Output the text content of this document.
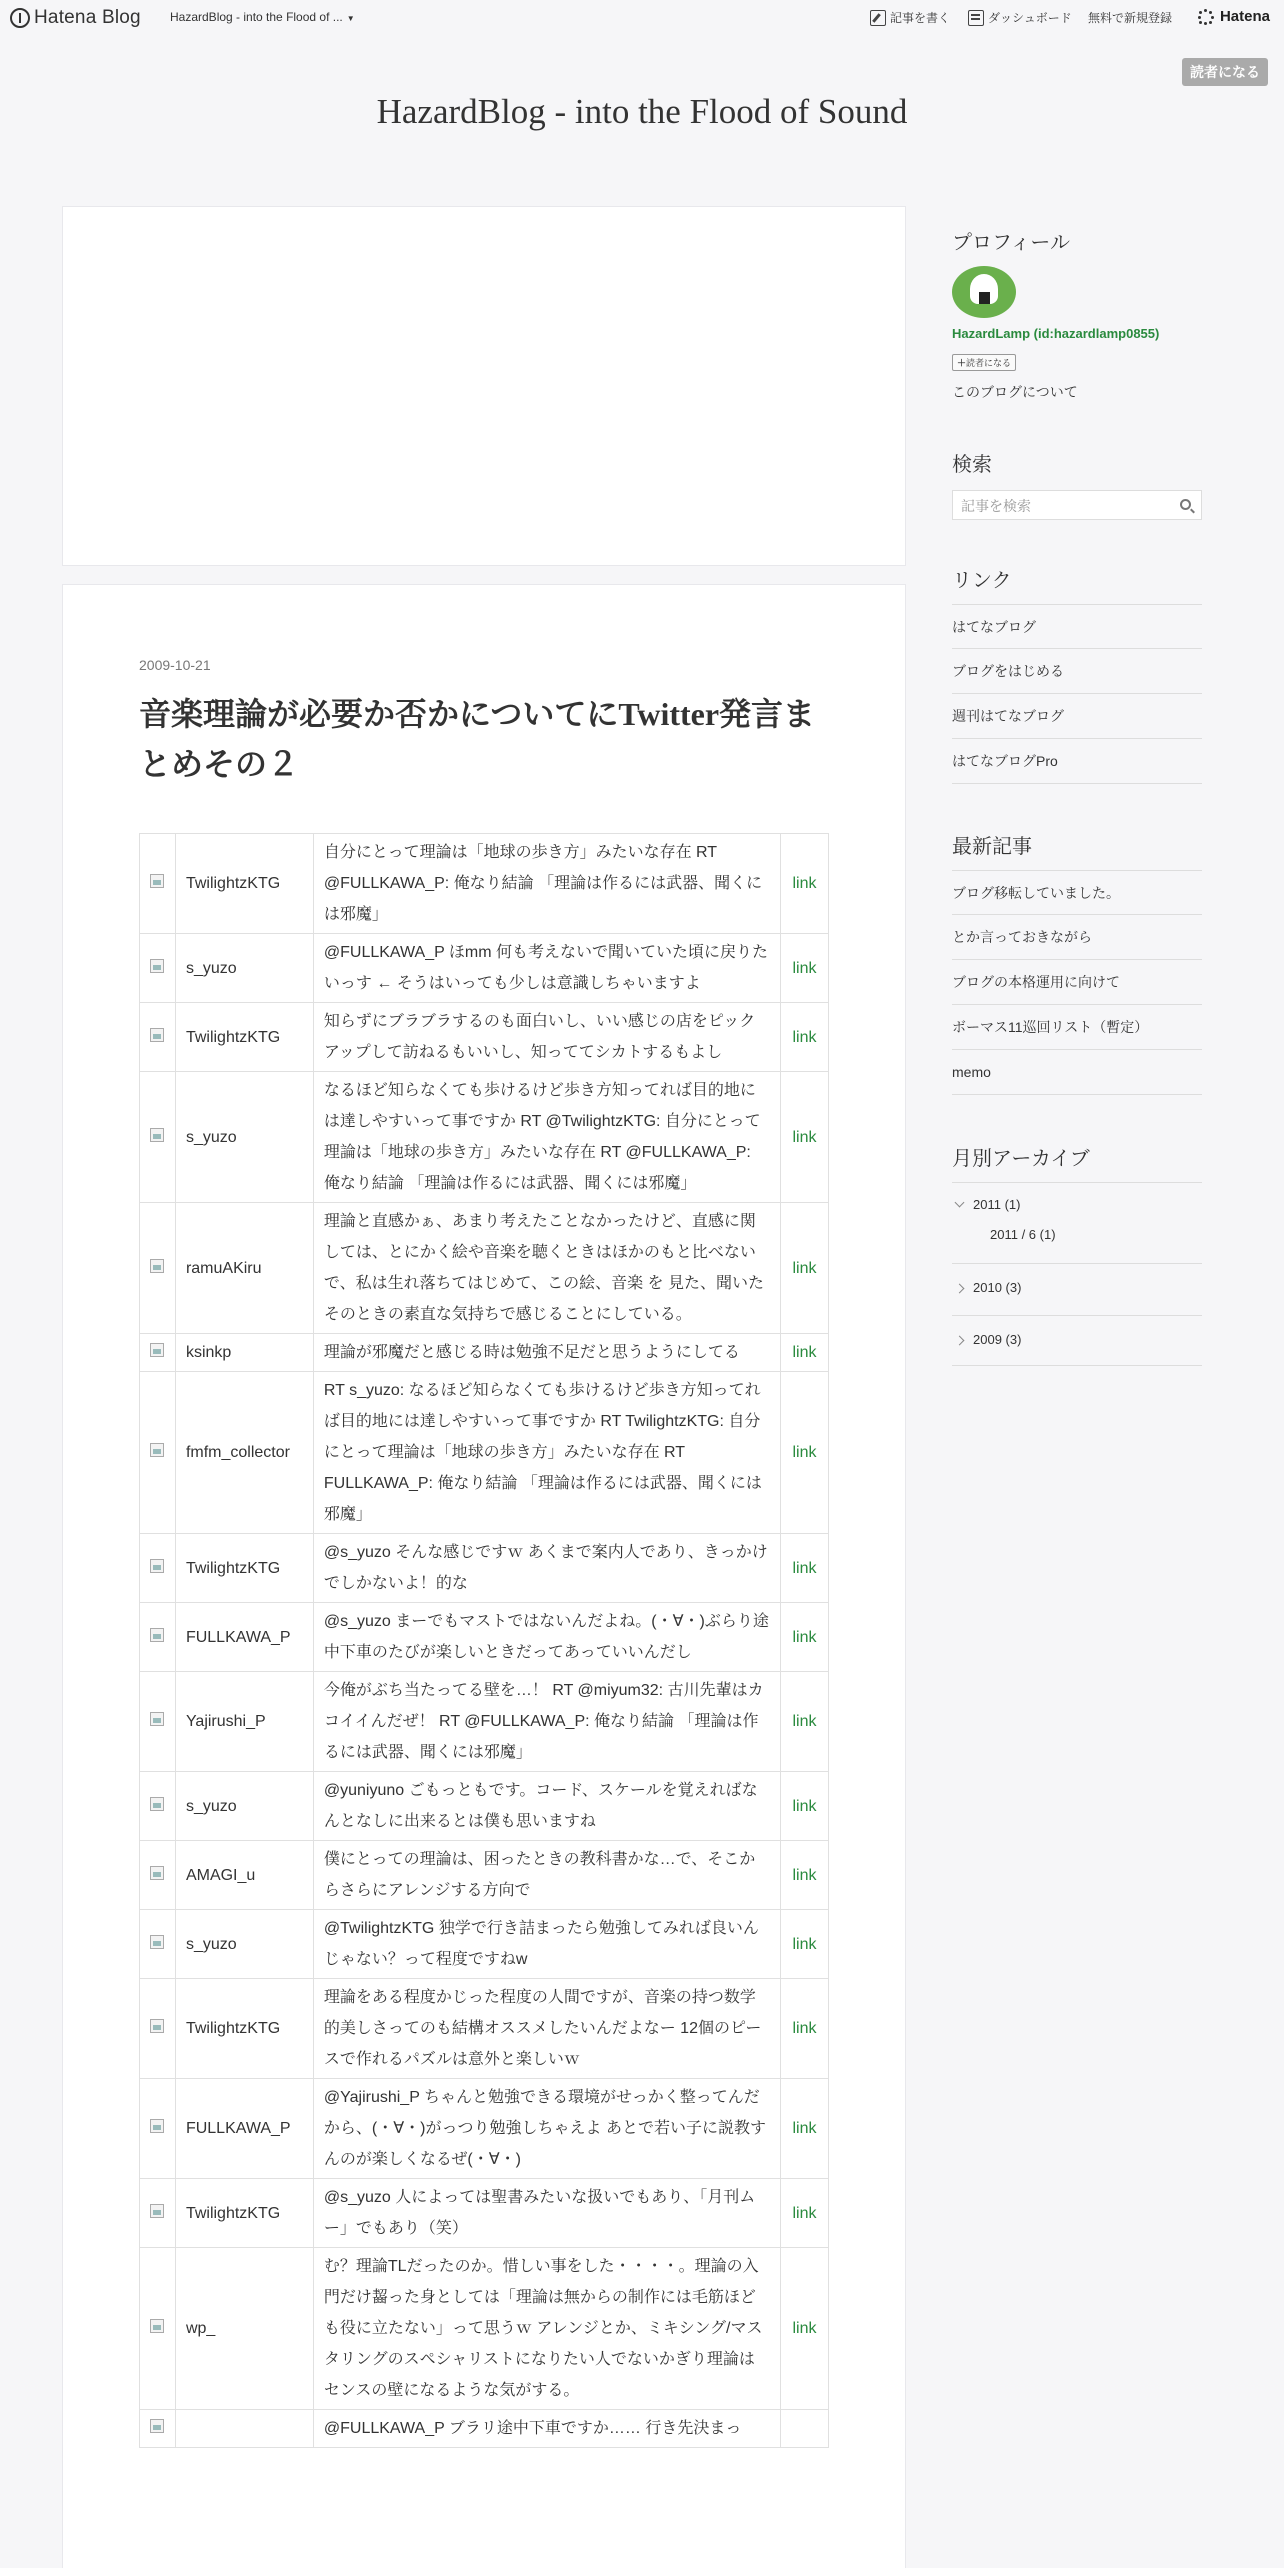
Hatena Blog HazardBlog - into the Flood of ... ▼	記事を書く	ダッシュボード 無料で新規登録	Hatena
読者になる
HazardBlog - into the Flood of Sound
2009-10-21
音楽理論が必要か否かについてにTwitter発言まとめその２
	TwilightzKTG	自分にとって理論は「地球の歩き方」みたいな存在 RT @FULLKAWA_P: 俺なり結論 「理論は作るには武器、聞くには邪魔」	link
	s_yuzo	@FULLKAWA_P ほmm 何も考えないで聞いていた頃に戻りたいっす ← そうはいっても少しは意識しちゃいますよ	link
	TwilightzKTG	知らずにブラブラするのも面白いし、いい感じの店をピックアップして訪ねるもいいし、知っててシカトするもよし	link
	s_yuzo	なるほど知らなくても歩けるけど歩き方知ってれば目的地には達しやすいって事ですか RT @TwilightzKTG: 自分にとって理論は「地球の歩き方」みたいな存在 RT @FULLKAWA_P: 俺なり結論 「理論は作るには武器、聞くには邪魔」	link
	ramuAKiru	理論と直感かぁ、あまり考えたことなかったけど、直感に関しては、とにかく絵や音楽を聴くときはほかのもと比べないで、私は生れ落ちてはじめて、この絵、音楽 を 見た、聞いた そのときの素直な気持ちで感じることにしている。	link
	ksinkp	理論が邪魔だと感じる時は勉強不足だと思うようにしてる	link
	fmfm_collector	RT s_yuzo: なるほど知らなくても歩けるけど歩き方知ってれば目的地には達しやすいって事ですか RT TwilightzKTG: 自分にとって理論は「地球の歩き方」みたいな存在 RT FULLKAWA_P: 俺なり結論 「理論は作るには武器、聞くには邪魔」	link
	TwilightzKTG	@s_yuzo そんな感じですｗ あくまで案内人であり、きっかけでしかないよ！的な	link
	FULLKAWA_P	@s_yuzo まーでもマストではないんだよね。(・∀・)ぶらり途中下車のたびが楽しいときだってあっていいんだし	link
	Yajirushi_P	今俺がぶち当たってる壁を…！ RT @miyum32: 古川先輩はカコイイんだぜ！ RT @FULLKAWA_P: 俺なり結論 「理論は作るには武器、聞くには邪魔」	link
	s_yuzo	@yuniyuno ごもっともです。コード、スケールを覚えればなんとなしに出来るとは僕も思いますね	link
	AMAGI_u	僕にとっての理論は、困ったときの教科書かな…で、そこからさらにアレンジする方向で	link
	s_yuzo	@TwilightzKTG 独学で行き詰まったら勉強してみれば良いんじゃない？って程度ですねw	link
	TwilightzKTG	理論をある程度かじった程度の人間ですが、音楽の持つ数学的美しさってのも結構オススメしたいんだよなー 12個のピースで作れるパズルは意外と楽しいｗ	link
	FULLKAWA_P	@Yajirushi_P ちゃんと勉強できる環境がせっかく整ってんだから、(・∀・)がっつり勉強しちゃえよ あとで若い子に説教すんのが楽しくなるぜ(・∀・)	link
	TwilightzKTG	@s_yuzo 人によっては聖書みたいな扱いでもあり、「月刊ムー」でもあり（笑）	link
	wp_	む？理論TLだったのか。惜しい事をした・・・・。理論の入門だけ齧った身としては「理論は無からの制作には毛筋ほども役に立たない」って思うｗ アレンジとか、ミキシング/マスタリングのスペシャリストになりたい人でないかぎり理論はセンスの壁になるような気がする。	link
		@FULLKAWA_P ブラリ途中下車ですか…… 行き先決まっ	
プロフィール
HazardLamp (id:hazardlamp0855)
＋読者になる
このブログについて
検索
記事を検索
リンク
はてなブログ
ブログをはじめる
週刊はてなブログ
はてなブログPro
最新記事
ブログ移転していました。
とか言っておきながら
ブログの本格運用に向けて
ボーマス11巡回リスト（暫定）
memo
月別アーカイブ
2011 (1)
2011 / 6 (1)
2010 (3)
2009 (3)
